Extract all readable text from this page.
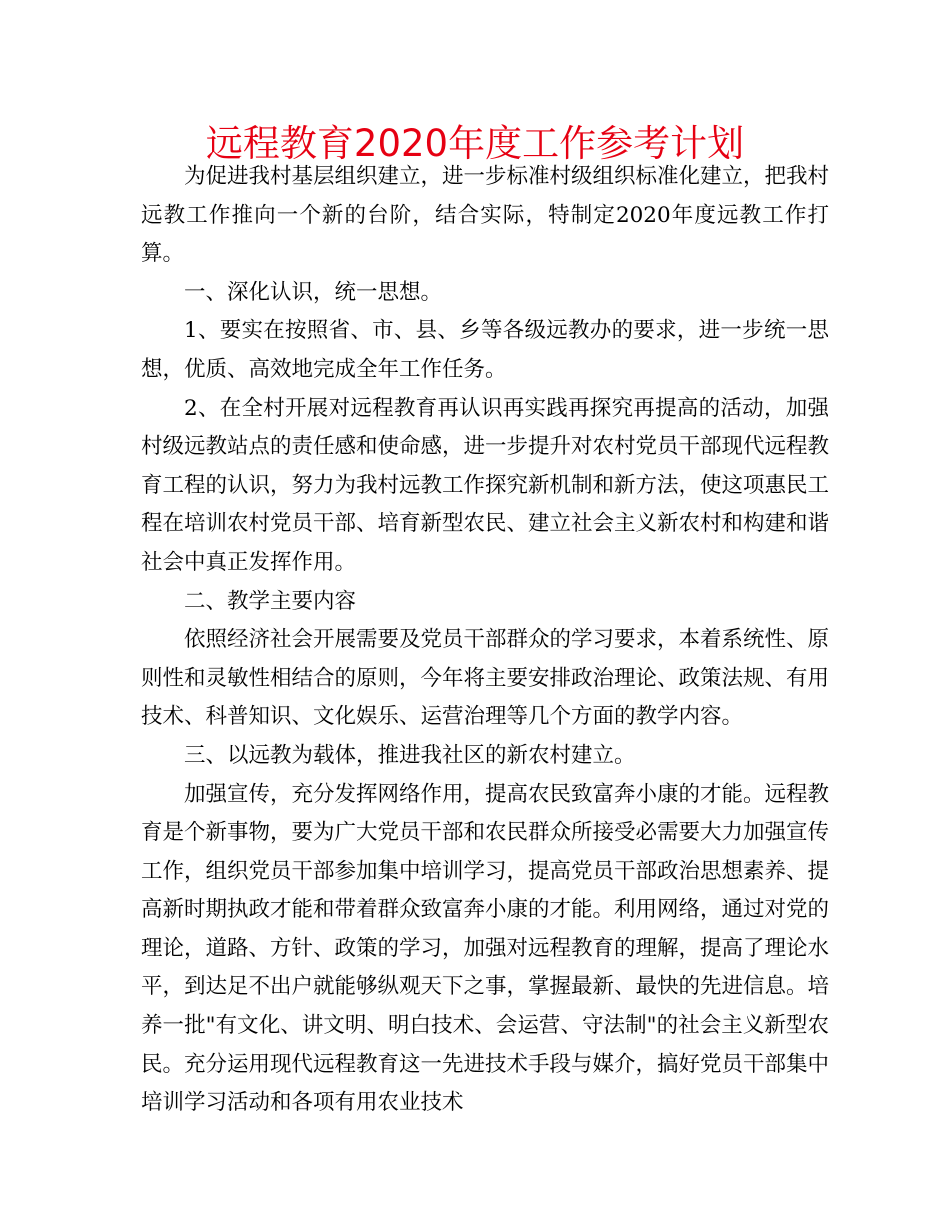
远程教育2020年度工作参考计划

为促进我村基层组织建立，进一步标准村级组织标准化建立，把我村远教工作推向一个新的台阶，结合实际，特制定2020年度远教工作打算。

一、深化认识，统一思想。

1、要实在按照省、市、县、乡等各级远教办的要求，进一步统一思想，优质、高效地完成全年工作任务。

2、在全村开展对远程教育再认识再实践再探究再提高的活动，加强村级远教站点的责任感和使命感，进一步提升对农村党员干部现代远程教育工程的认识，努力为我村远教工作探究新机制和新方法，使这项惠民工程在培训农村党员干部、培育新型农民、建立社会主义新农村和构建和谐社会中真正发挥作用。

二、教学主要内容

依照经济社会开展需要及党员干部群众的学习要求，本着系统性、原则性和灵敏性相结合的原则，今年将主要安排政治理论、政策法规、有用技术、科普知识、文化娱乐、运营治理等几个方面的教学内容。

三、以远教为载体，推进我社区的新农村建立。

加强宣传，充分发挥网络作用，提高农民致富奔小康的才能。远程教育是个新事物，要为广大党员干部和农民群众所接受必需要大力加强宣传工作，组织党员干部参加集中培训学习，提高党员干部政治思想素养、提高新时期执政才能和带着群众致富奔小康的才能。利用网络，通过对党的理论，道路、方针、政策的学习，加强对远程教育的理解，提高了理论水平，到达足不出户就能够纵观天下之事，掌握最新、最快的先进信息。培养一批"有文化、讲文明、明白技术、会运营、守法制"的社会主义新型农民。充分运用现代远程教育这一先进技术手段与媒介，搞好党员干部集中培训学习活动和各项有用农业技术
